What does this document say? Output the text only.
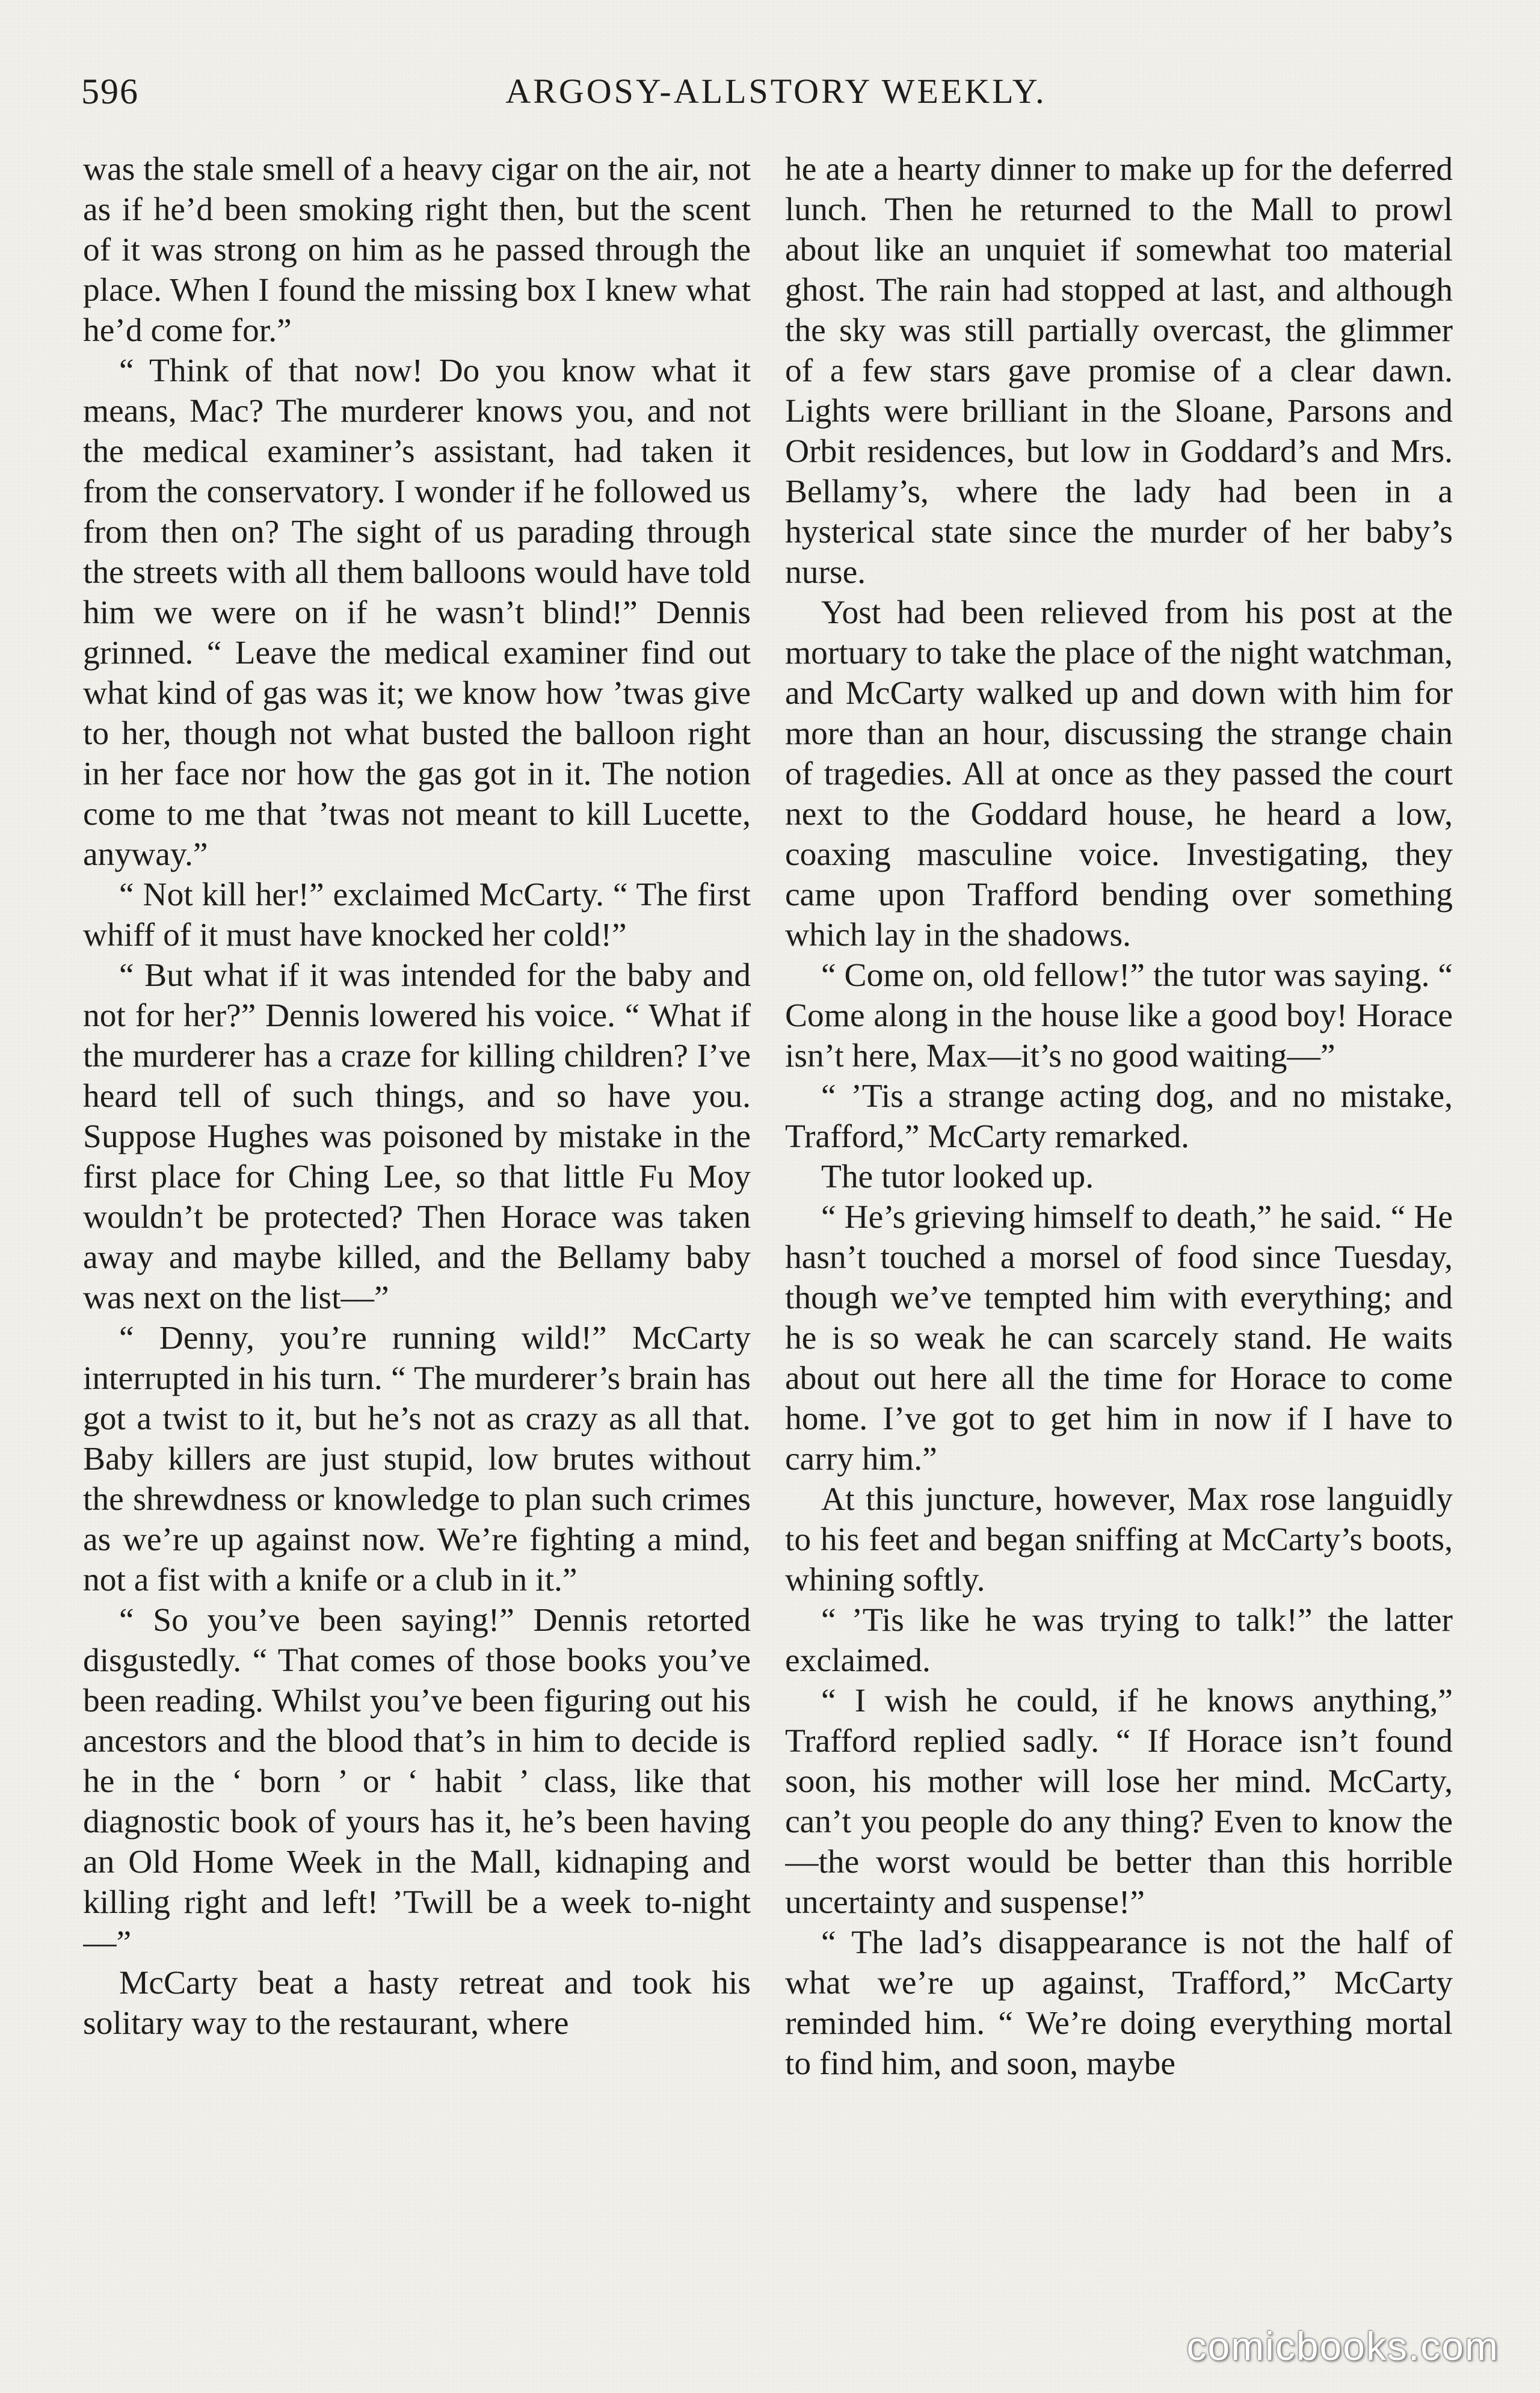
596	ARGOSY-ALLSTORY WEEKLY.

was the stale smell of a heavy cigar on the air, not as if he’d been smoking right then, but the scent of it was strong on him as he passed through the place. When I found the missing box I knew what he’d come for.”

“ Think of that now! Do you know what it means, Mac? The murderer knows you, and not the medical examiner’s assistant, had taken it from the conservatory. I wonder if he followed us from then on? The sight of us parading through the streets with all them balloons would have told him we were on if he wasn’t blind!” Dennis grinned. “ Leave the medical examiner find out what kind of gas was it; we know how ’twas give to her, though not what busted the balloon right in her face nor how the gas got in it. The notion come to me that ’twas not meant to kill Lucette, anyway.”

“ Not kill her!” exclaimed McCarty. “ The first whiff of it must have knocked her cold!”

“ But what if it was intended for the baby and not for her?” Dennis lowered his voice. “ What if the murderer has a craze for killing children? I’ve heard tell of such things, and so have you. Suppose Hughes was poisoned by mistake in the first place for Ching Lee, so that little Fu Moy wouldn’t be protected? Then Horace was taken away and maybe killed, and the Bellamy baby was next on the list—”

“ Denny, you’re running wild!” McCarty interrupted in his turn. “ The murderer’s brain has got a twist to it, but he’s not as crazy as all that. Baby killers are just stupid, low brutes without the shrewdness or knowledge to plan such crimes as we’re up against now. We’re fighting a mind, not a fist with a knife or a club in it.”

“ So you’ve been saying!” Dennis retorted disgustedly. “ That comes of those books you’ve been reading. Whilst you’ve been figuring out his ancestors and the blood that’s in him to decide is he in the ‘ born ’ or ‘ habit ’ class, like that diagnostic book of yours has it, he’s been having an Old Home Week in the Mall, kidnaping and killing right and left! ’Twill be a week to-night—”

McCarty beat a hasty retreat and took his solitary way to the restaurant, where

he ate a hearty dinner to make up for the deferred lunch. Then he returned to the Mall to prowl about like an unquiet if somewhat too material ghost. The rain had stopped at last, and although the sky was still partially overcast, the glimmer of a few stars gave promise of a clear dawn. Lights were brilliant in the Sloane, Parsons and Orbit residences, but low in Goddard’s and Mrs. Bellamy’s, where the lady had been in a hysterical state since the murder of her baby’s nurse.

Yost had been relieved from his post at the mortuary to take the place of the night watchman, and McCarty walked up and down with him for more than an hour, discussing the strange chain of tragedies. All at once as they passed the court next to the Goddard house, he heard a low, coaxing masculine voice. Investigating, they came upon Trafford bending over something which lay in the shadows.

“ Come on, old fellow!” the tutor was saying. “ Come along in the house like a good boy! Horace isn’t here, Max—it’s no good waiting—”

“ ’Tis a strange acting dog, and no mistake, Trafford,” McCarty remarked.

The tutor looked up.

“ He’s grieving himself to death,” he said. “ He hasn’t touched a morsel of food since Tuesday, though we’ve tempted him with everything; and he is so weak he can scarcely stand. He waits about out here all the time for Horace to come home. I’ve got to get him in now if I have to carry him.”

At this juncture, however, Max rose languidly to his feet and began sniffing at McCarty’s boots, whining softly.

“ ’Tis like he was trying to talk!” the latter exclaimed.

“ I wish he could, if he knows anything,” Trafford replied sadly. “ If Horace isn’t found soon, his mother will lose her mind. McCarty, can’t you people do any thing? Even to know the—the worst would be better than this horrible uncertainty and suspense!”

“ The lad’s disappearance is not the half of what we’re up against, Trafford,” McCarty reminded him. “ We’re doing everything mortal to find him, and soon, maybe

comicbooks.com
